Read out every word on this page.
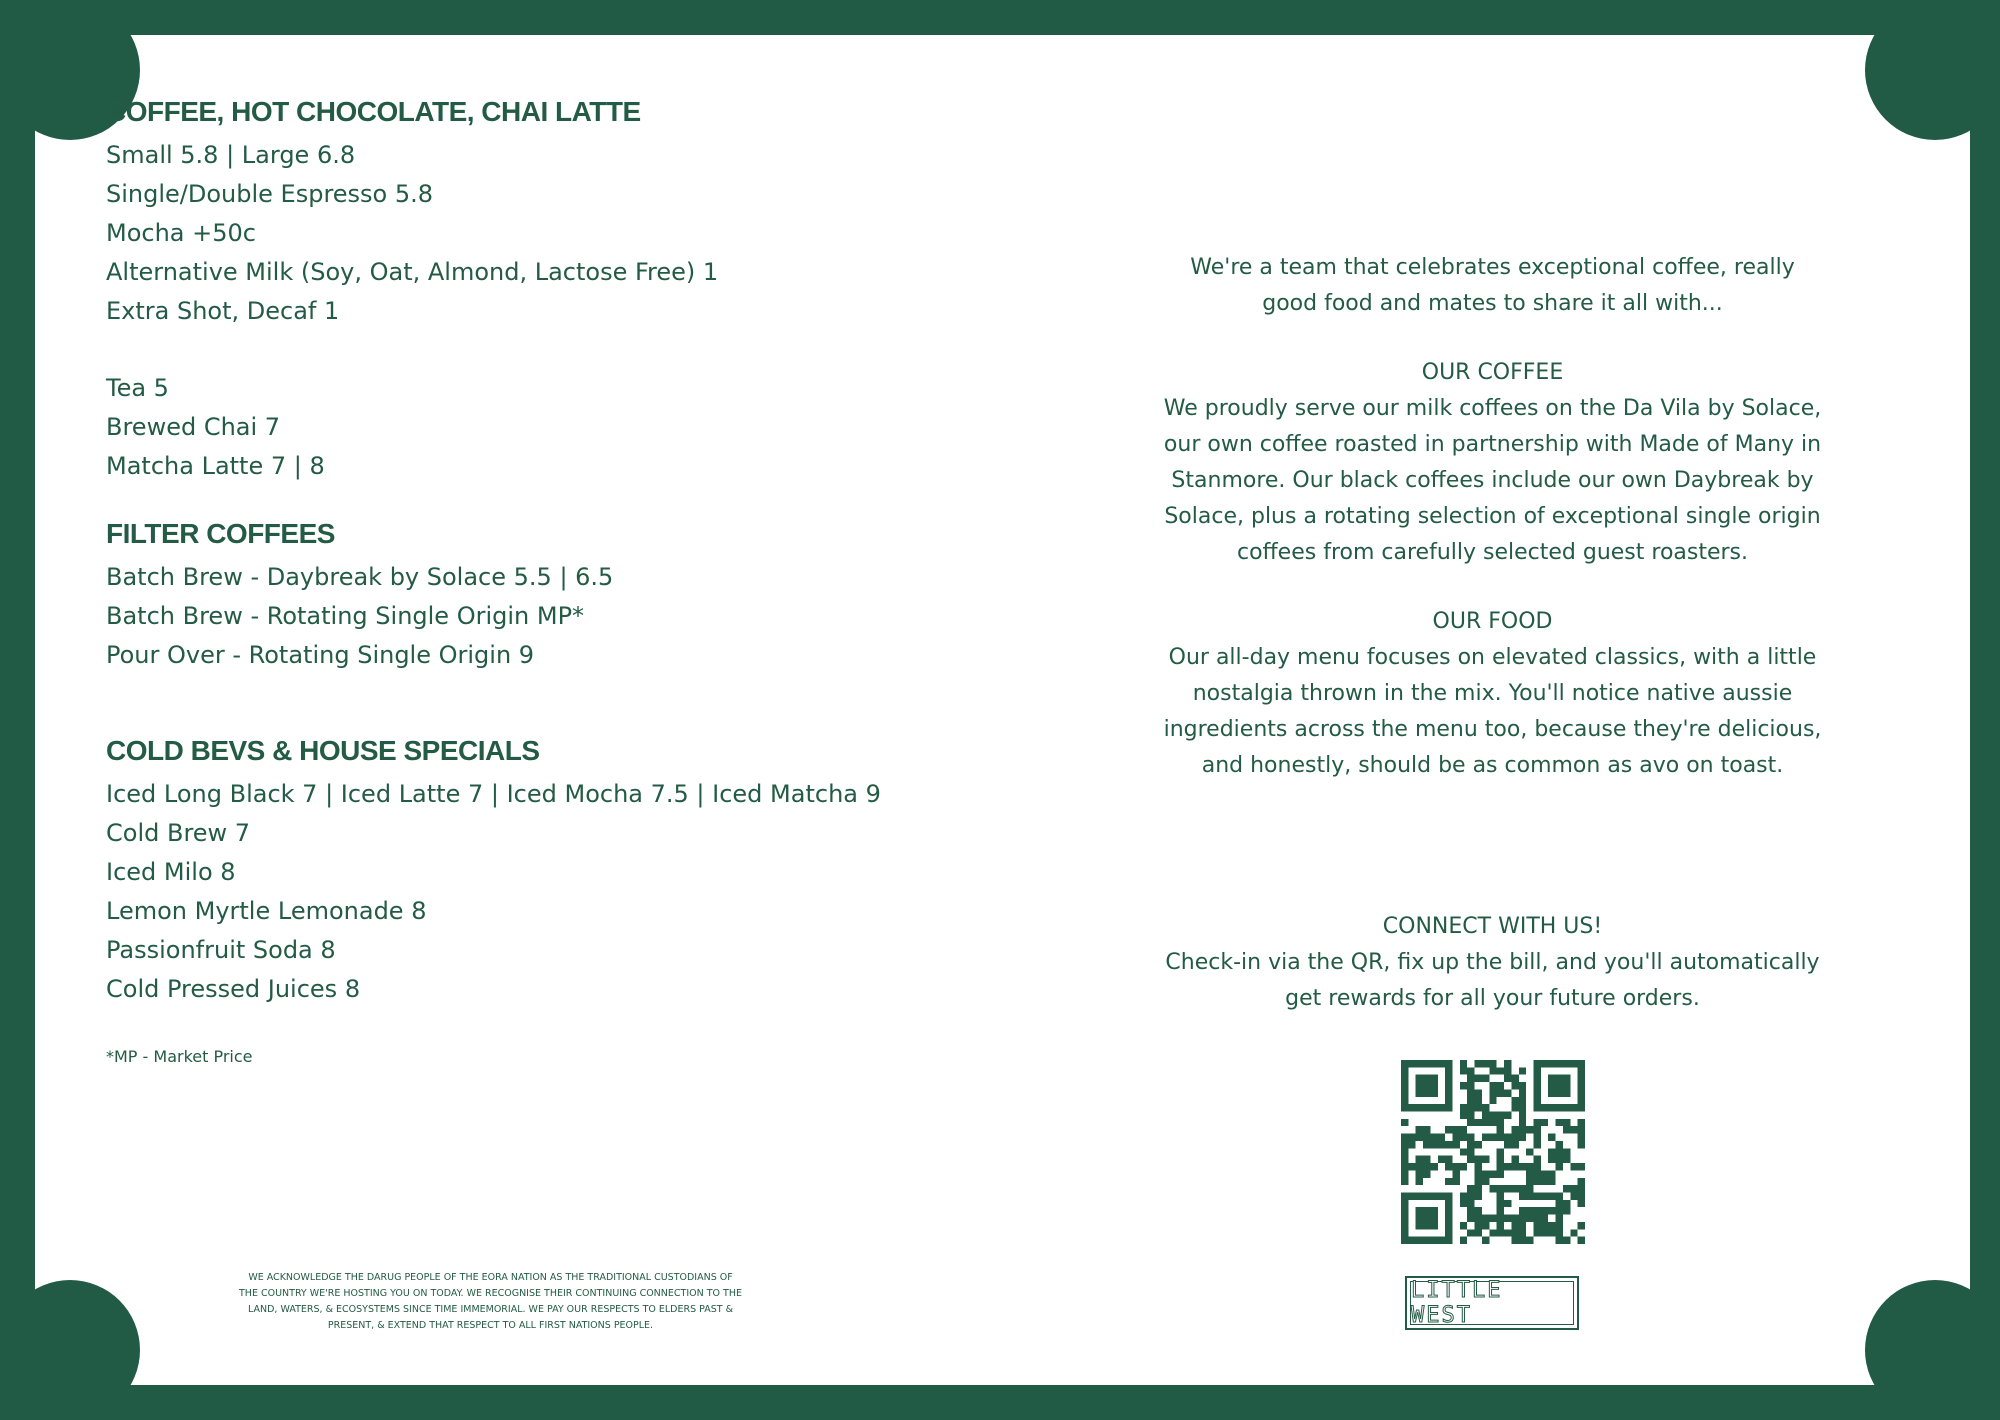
COFFEE, HOT CHOCOLATE, CHAI LATTE
Small 5.8 | Large 6.8
Single/Double Espresso 5.8
Mocha +50c
Alternative Milk (Soy, Oat, Almond, Lactose Free) 1
Extra Shot, Decaf 1
Tea 5
Brewed Chai 7
Matcha Latte 7 | 8
FILTER COFFEES
Batch Brew - Daybreak by Solace 5.5 | 6.5
Batch Brew - Rotating Single Origin MP*
Pour Over - Rotating Single Origin 9
COLD BEVS & HOUSE SPECIALS
Iced Long Black 7 | Iced Latte 7 | Iced Mocha 7.5 | Iced Matcha 9
Cold Brew 7
Iced Milo 8
Lemon Myrtle Lemonade 8
Passionfruit Soda 8
Cold Pressed Juices 8
*MP - Market Price
WE ACKNOWLEDGE THE DARUG PEOPLE OF THE EORA NATION AS THE TRADITIONAL CUSTODIANS OF THE COUNTRY WE'RE HOSTING YOU ON TODAY. WE RECOGNISE THEIR CONTINUING CONNECTION TO THE LAND, WATERS, & ECOSYSTEMS SINCE TIME IMMEMORIAL. WE PAY OUR RESPECTS TO ELDERS PAST & PRESENT, & EXTEND THAT RESPECT TO ALL FIRST NATIONS PEOPLE.
We're a team that celebrates exceptional coffee, really good food and mates to share it all with...
OUR COFFEE
We proudly serve our milk coffees on the Da Vila by Solace, our own coffee roasted in partnership with Made of Many in Stanmore. Our black coffees include our own Daybreak by Solace, plus a rotating selection of exceptional single origin coffees from carefully selected guest roasters.
OUR FOOD
Our all-day menu focuses on elevated classics, with a little nostalgia thrown in the mix. You'll notice native aussie ingredients across the menu too, because they're delicious, and honestly, should be as common as avo on toast.
CONNECT WITH US!
Check-in via the QR, fix up the bill, and you'll automatically get rewards for all your future orders.
LITTLE WEST
